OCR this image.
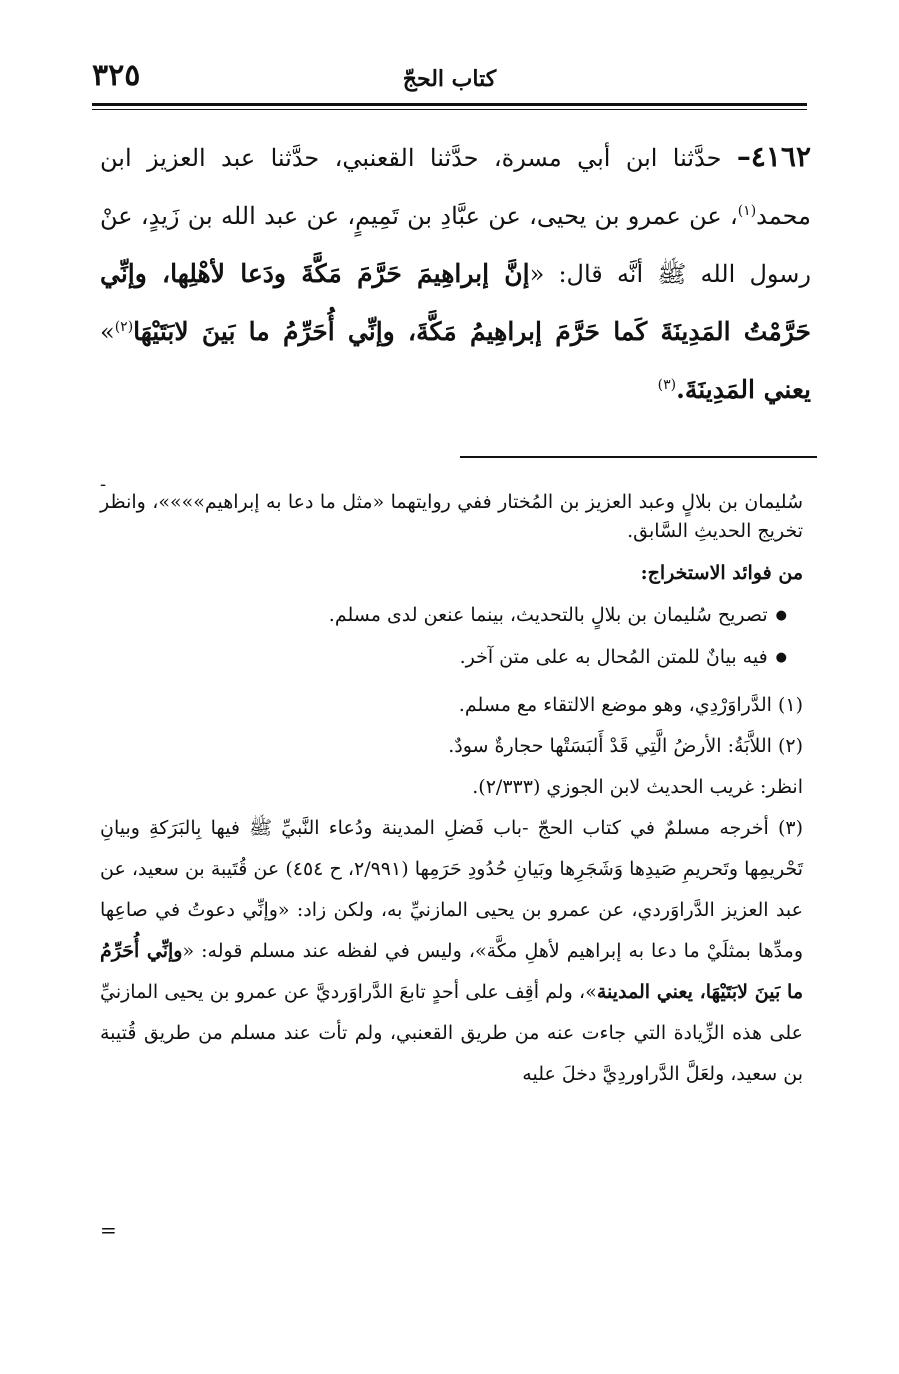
٣٢٥	كتاب الحجّ
٤١٦٢– حدَّثنا ابن أبي مسرة، حدَّثنا القعنبي، حدَّثنا عبد العزيز ابن محمد$^{(١)}$، عن عمرو بن يحيى، عن عبَّادِ بن تَمِيمٍ، عن عبد الله بن زَيدٍ، عنْ رسول الله ﷺ أنَّه قال: «إنَّ إبراهِيمَ حَرَّمَ مَكَّةَ ودَعا لأهْلِها، وإنِّي حَرَّمْتُ المَدِينَةَ كَما حَرَّمَ إبراهِيمُ مَكَّةَ، وإنِّي أُحَرِّمُ ما بَينَ لابَتَيْهَا$^{(٢)}$» يعني المَدِينَةَ.$^{(٣)}$
-

سُليمان بن بلالٍ وعبد العزيز بن المُختار ففي روايتهما «مثل ما دعا به إبراهيم»»»»، وانظر تخريج الحديثِ السَّابق.

من فوائد الاستخراج:

● تصريح سُليمان بن بلالٍ بالتحديث، بينما عنعن لدى مسلم.
● فيه بيانٌ للمتن المُحال به على متن آخر.

(١) الدَّراوَرْدِي، وهو موضع الالتقاء مع مسلم.

(٢) اللاَّبَةُ: الأرضُ الَّتِي قَدْ أَلبَسَتْها حجارةٌ سودٌ.

انظر: غريب الحديث لابن الجوزي (٢/٣٣٣).

(٣) أخرجه مسلمٌ في كتاب الحجّ -باب فَضلِ المدينة ودُعاء النَّبيِّ ﷺ فيها بِالبَرَكةِ وبيانِ تَحْريمِها وتَحريمِ صَيدِها وَشَجَرِها وبَيانِ حُدُودِ حَرَمِها (٢/٩٩١، ح ٤٥٤) عن قُتَيبة بن سعيد، عن عبد العزيز الدَّراوَردي، عن عمرو بن يحيى المازنيِّ به، ولكن زاد: «وإنِّي دعوتُ في صاعِها ومدِّها بمثلَيْ ما دعا به إبراهيم لأهلِ مكَّة»، وليس في لفظه عند مسلم قوله: «وإنِّي أُحَرِّمُ ما بَينَ لابَتَيْهَا، يعني المدينة»، ولم أقِف على أحدٍ تابعَ الدَّراوَرديَّ عن عمرو بن يحيى المازنيِّ على هذه الزِّيادة التي جاءت عنه من طريق القعنبي، ولم تأت عند مسلم من طريق قُتيبة بن سعيد، ولعَلَّ الدَّراوردِيَّ دخلَ عليه

=
